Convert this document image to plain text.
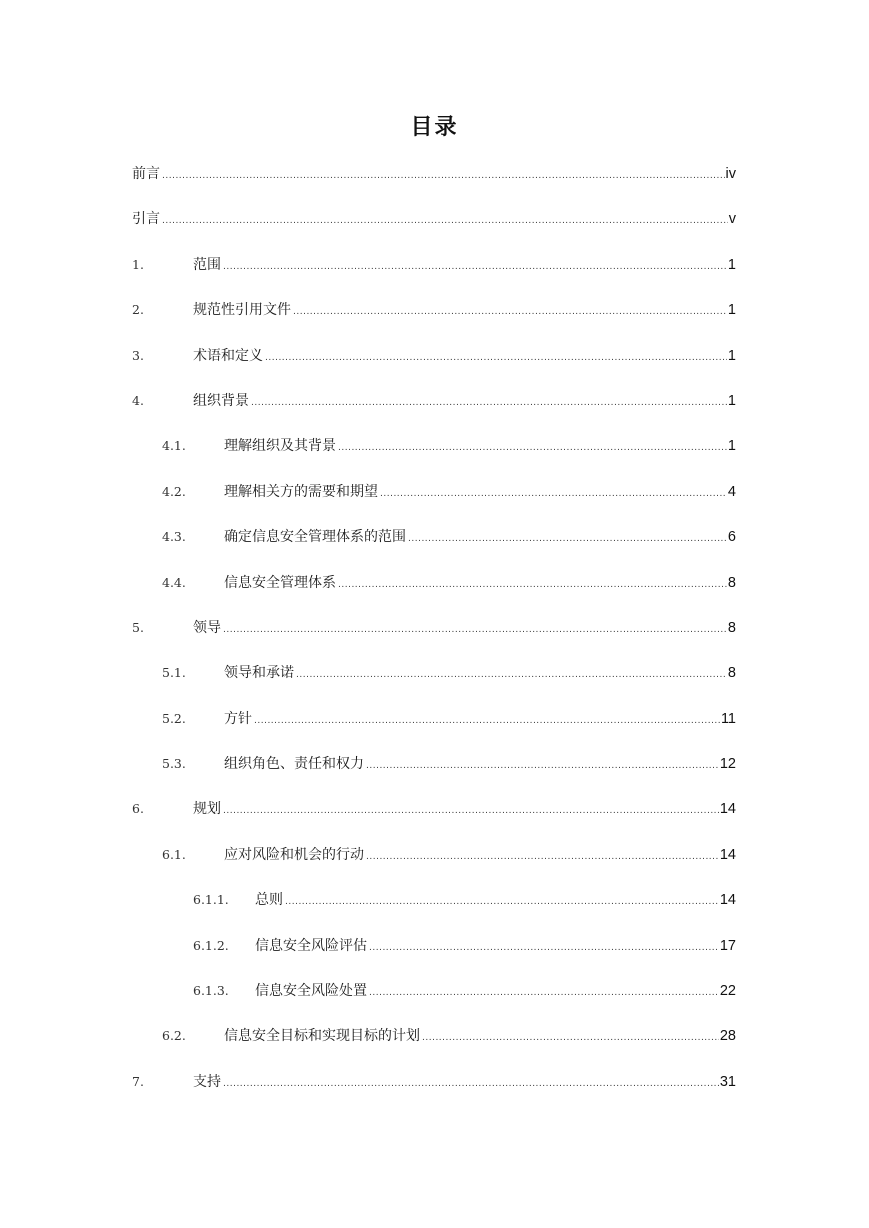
目录
前言 .....	iv
引言 .....	v
1.	范围 .....	1
2.	规范性引用文件 .....	1
3.	术语和定义 .....	1
4.	组织背景 .....	1
4.1.	理解组织及其背景 .....	1
4.2.	理解相关方的需要和期望 .....	4
4.3.	确定信息安全管理体系的范围 .....	6
4.4.	信息安全管理体系 .....	8
5.	领导 .....	8
5.1.	领导和承诺 .....	8
5.2.	方针 .....	11
5.3.	组织角色、责任和权力 .....	12
6.	规划 .....	14
6.1.	应对风险和机会的行动 .....	14
6.1.1.	总则 .....	14
6.1.2.	信息安全风险评估 .....	17
6.1.3.	信息安全风险处置 .....	22
6.2.	信息安全目标和实现目标的计划 .....	28
7.	支持 .....	31
